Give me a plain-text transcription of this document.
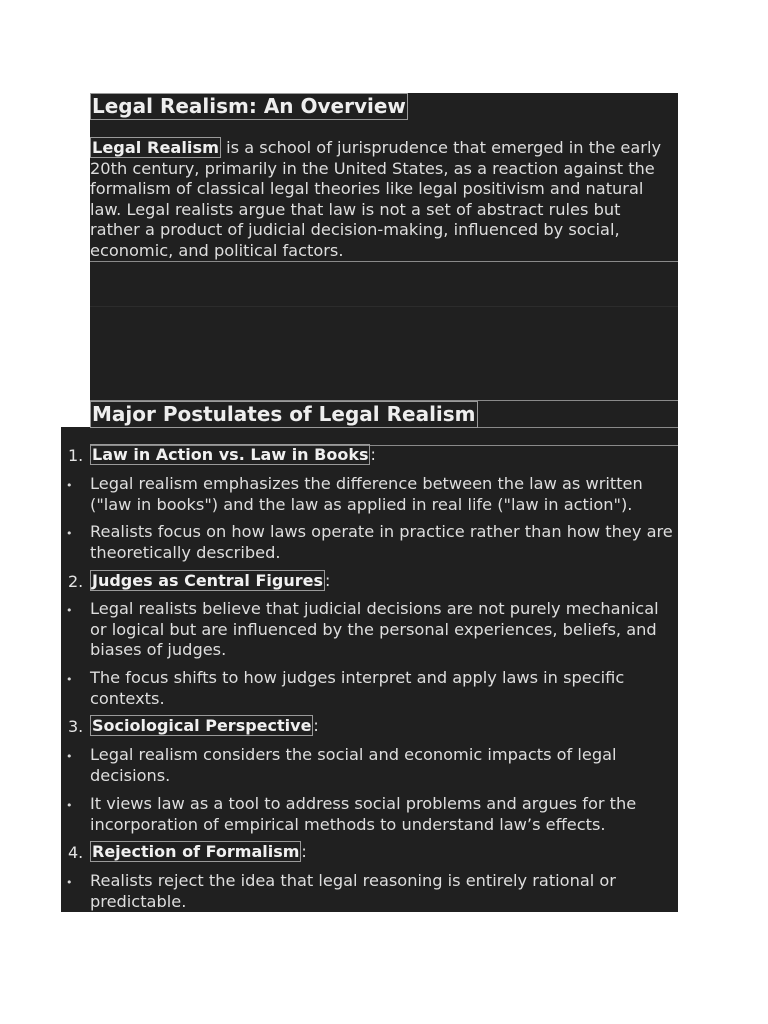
Legal Realism: An Overview
Legal Realism is a school of jurisprudence that emerged in the early 20th century, primarily in the United States, as a reaction against the formalism of classical legal theories like legal positivism and natural law. Legal realists argue that law is not a set of abstract rules but rather a product of judicial decision-making, influenced by social, economic, and political factors.
Major Postulates of Legal Realism
1. Law in Action vs. Law in Books :
• Legal realism emphasizes the difference between the law as written ("law in books") and the law as applied in real life ("law in action").
• Realists focus on how laws operate in practice rather than how they are theoretically described.
2. Judges as Central Figures :
• Legal realists believe that judicial decisions are not purely mechanical or logical but are influenced by the personal experiences, beliefs, and biases of judges.
• The focus shifts to how judges interpret and apply laws in specific contexts.
3. Sociological Perspective :
• Legal realism considers the social and economic impacts of legal decisions.
• It views law as a tool to address social problems and argues for the incorporation of empirical methods to understand law’s effects.
4. Rejection of Formalism :
• Realists reject the idea that legal reasoning is entirely rational or predictable.
